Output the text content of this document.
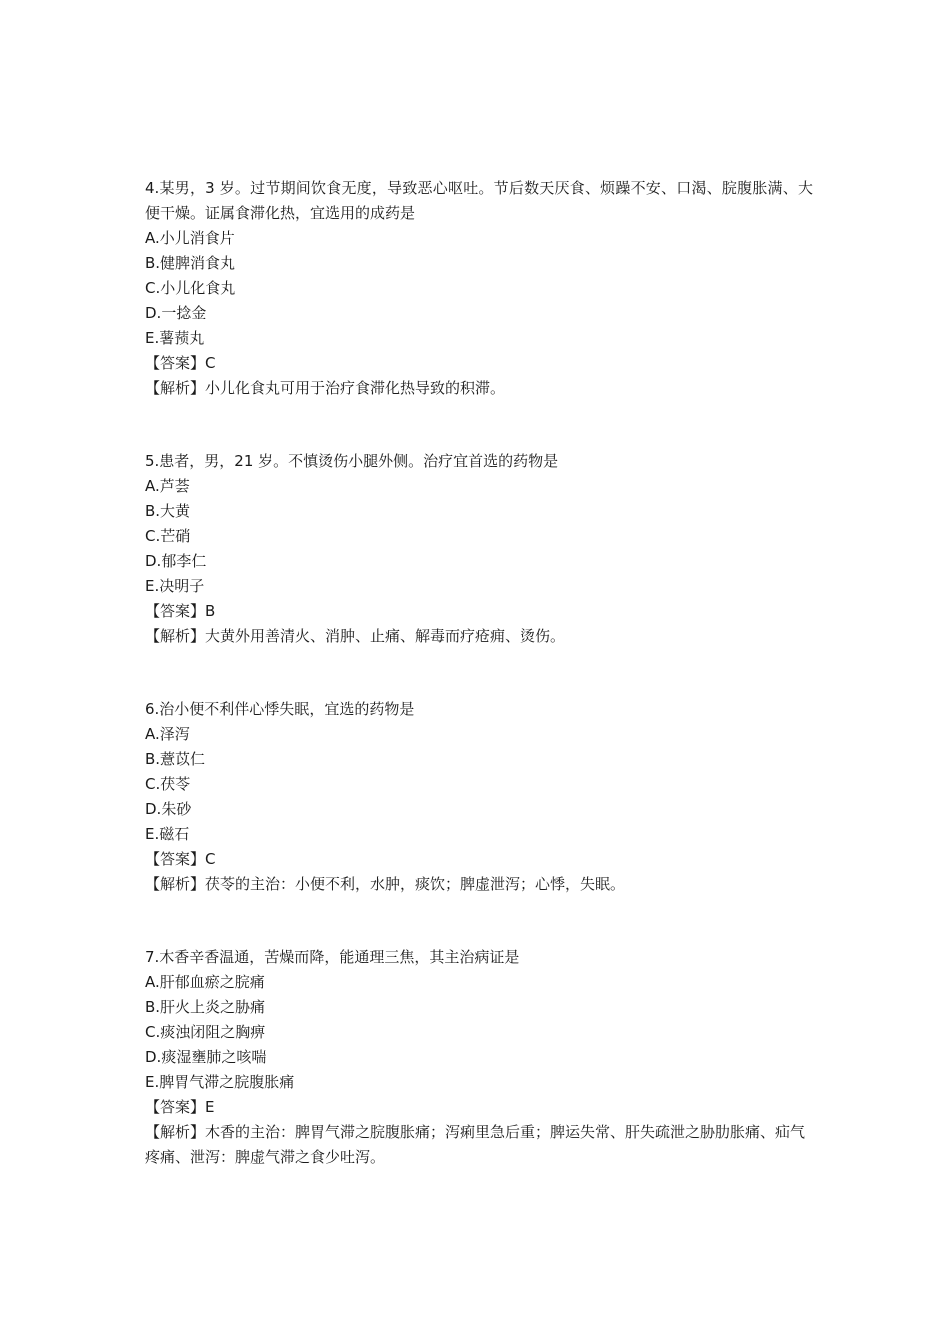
4.某男，3 岁。过节期间饮食无度，导致恶心呕吐。节后数天厌食、烦躁不安、口渴、脘腹胀满、大便干燥。证属食滞化热，宜选用的成药是

A.小儿消食片
B.健脾消食丸
C.小儿化食丸
D.一捻金
E.薯蓣丸
【答案】C
【解析】小儿化食丸可用于治疗食滞化热导致的积滞。

5.患者，男，21 岁。不慎烫伤小腿外侧。治疗宜首选的药物是

A.芦荟
B.大黄
C.芒硝
D.郁李仁
E.决明子
【答案】B
【解析】大黄外用善清火、消肿、止痛、解毒而疗疮痈、烫伤。

6.治小便不利伴心悸失眠，宜选的药物是

A.泽泻
B.薏苡仁
C.茯苓
D.朱砂
E.磁石
【答案】C
【解析】茯苓的主治：小便不利，水肿，痰饮；脾虚泄泻；心悸，失眠。

7.木香辛香温通，苦燥而降，能通理三焦，其主治病证是

A.肝郁血瘀之脘痛
B.肝火上炎之胁痛
C.痰浊闭阻之胸痹
D.痰湿壅肺之咳喘
E.脾胃气滞之脘腹胀痛
【答案】E
【解析】木香的主治：脾胃气滞之脘腹胀痛；泻痢里急后重；脾运失常、肝失疏泄之胁肋胀痛、疝气疼痛、泄泻：脾虚气滞之食少吐泻。
